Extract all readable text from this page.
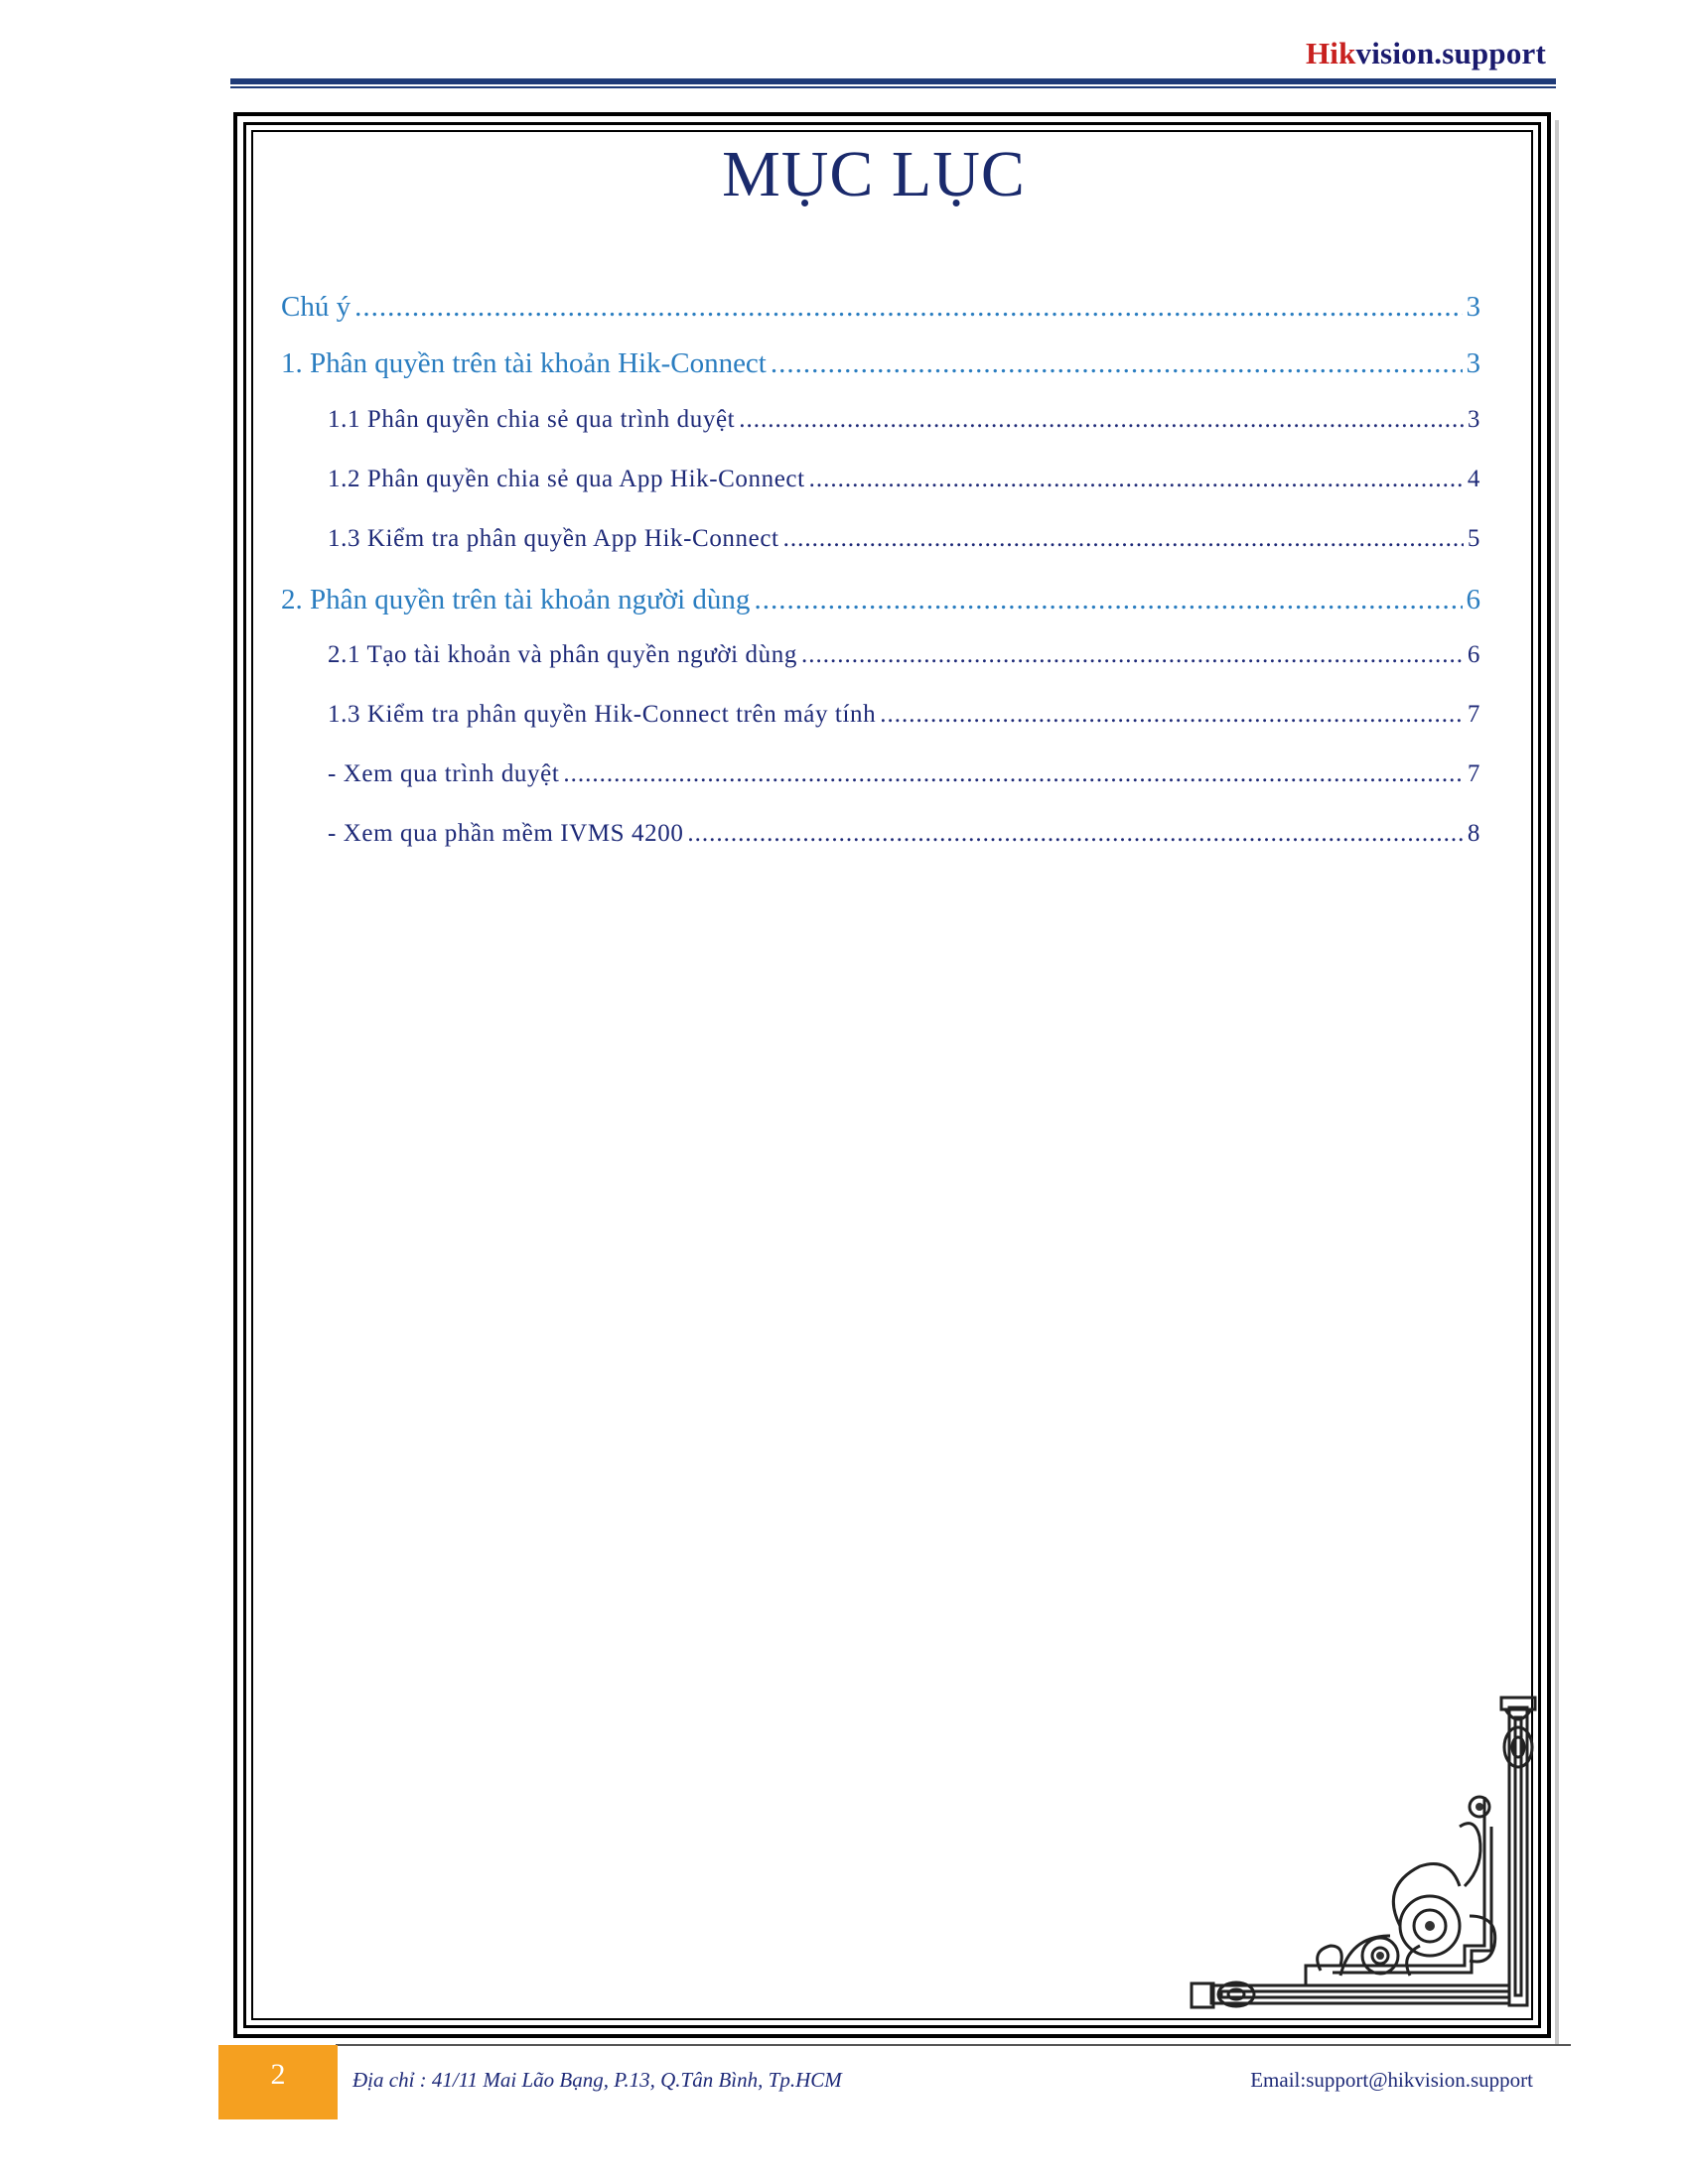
Hikvision.support
MỤC LỤC
Chú ý .....	3
1. Phân quyền trên tài khoản Hik-Connect .....	3
1.1 Phân quyền chia sẻ qua trình duyệt .....	3
1.2 Phân quyền chia sẻ qua App Hik-Connect .....	4
1.3 Kiểm tra phân quyền App Hik-Connect .....	5
2. Phân quyền trên tài khoản người dùng .....	6
2.1 Tạo tài khoản và phân quyền người dùng .....	6
1.3 Kiểm tra phân quyền Hik-Connect trên máy tính .....	7
- Xem qua trình duyệt .....	7
- Xem qua phần mềm IVMS 4200 .....	8
2	Địa chỉ : 41/11 Mai Lão Bạng, P.13, Q.Tân Bình, Tp.HCM	Email:support@hikvision.support
